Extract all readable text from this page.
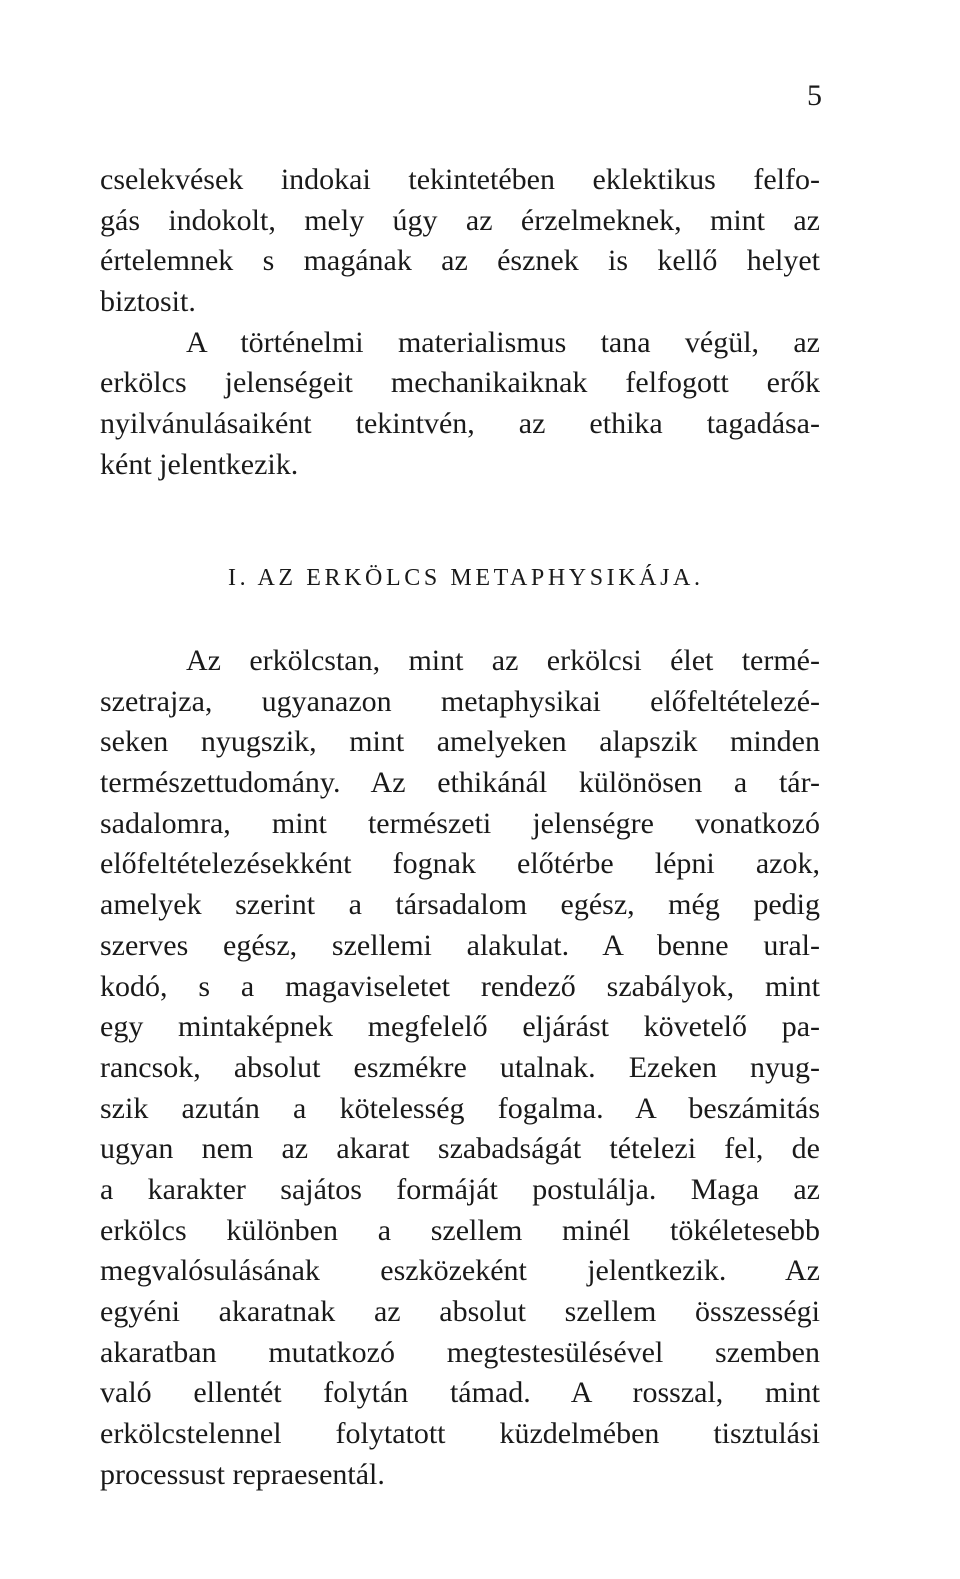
5
cselekvések indokai tekintetében eklektikus felfo-
gás indokolt, mely úgy az érzelmeknek, mint az
értelemnek s magának az észnek is kellő helyet
biztosit.
A történelmi materialismus tana végül, az
erkölcs jelenségeit mechanikaiknak felfogott erők
nyilvánulásaiként tekintvén, az ethika tagadása-
ként jelentkezik.
I. AZ ERKÖLCS METAPHYSIKÁJA.
Az erkölcstan, mint az erkölcsi élet termé-
szetrajza, ugyanazon metaphysikai előfeltételezé-
seken nyugszik, mint amelyeken alapszik minden
természettudomány. Az ethikánál különösen a tár-
sadalomra, mint természeti jelenségre vonatkozó
előfeltételezésekként fognak előtérbe lépni azok,
amelyek szerint a társadalom egész, még pedig
szerves egész, szellemi alakulat. A benne ural-
kodó, s a magaviseletet rendező szabályok, mint
egy mintaképnek megfelelő eljárást követelő pa-
rancsok, absolut eszmékre utalnak. Ezeken nyug-
szik azután a kötelesség fogalma. A beszámitás
ugyan nem az akarat szabadságát tételezi fel, de
a karakter sajátos formáját postulálja. Maga az
erkölcs különben a szellem minél tökéletesebb
megvalósulásának eszközeként jelentkezik. Az
egyéni akaratnak az absolut szellem összességi
akaratban mutatkozó megtestesülésével szemben
való ellentét folytán támad. A rosszal, mint
erkölcstelennel folytatott küzdelmében tisztulási
processust repraesentál.
